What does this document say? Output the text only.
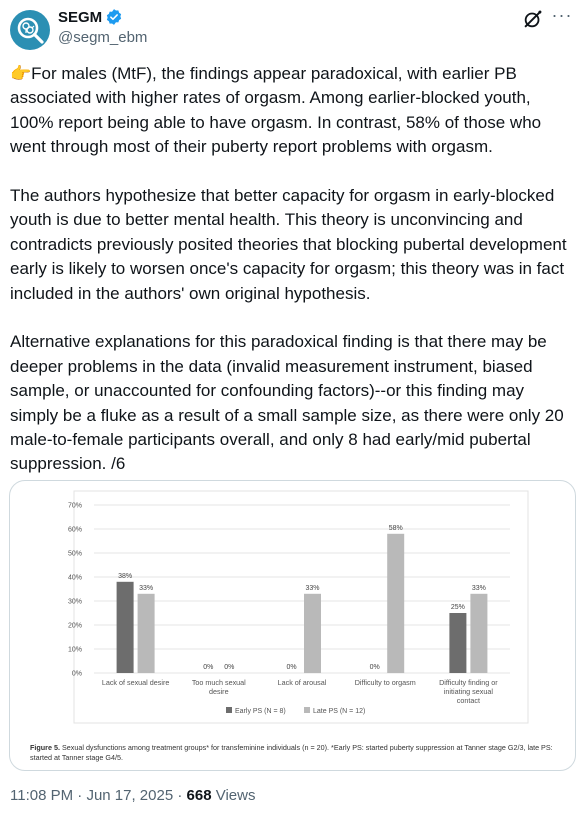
SEGM
@segm_ebm
···

👉For males (MtF), the findings appear paradoxical, with earlier PB associated with higher rates of orgasm. Among earlier-blocked youth, 100% report being able to have orgasm. In contrast, 58% of those who went through most of their puberty report problems with orgasm.

The authors hypothesize that better capacity for orgasm in early-blocked youth is due to better mental health. This theory is unconvincing and contradicts previously posited theories that blocking pubertal development early is likely to worsen once's capacity for orgasm; this theory was in fact included in the authors' own original hypothesis.

Alternative explanations for this paradoxical finding is that there may be deeper problems in the data (invalid measurement instrument, biased sample, or unaccounted for confounding factors)--or this finding may simply be a fluke as a result of a small sample size, as there were only 20 male-to-female participants overall, and only 8 had early/mid pubertal suppression. /6

0%
10%
20%
30%
40%
50%
60%
70%
38%
33%
Lack of sexual desire
0% 0%
Too much sexual
desire
0%
33%
Lack of arousal
0%
58%
Difficulty to orgasm
25%
33%
Difficulty finding or
initiating sexual
contact
Early PS (N = 8)	Late PS (N = 12)
Figure 5. Sexual dysfunctions among treatment groups* for transfeminine individuals (n = 20). *Early PS: started puberty suppression at Tanner stage G2/3, late PS: started at Tanner stage G4/5.
11:08 PM · Jun 17, 2025 · 668 Views
